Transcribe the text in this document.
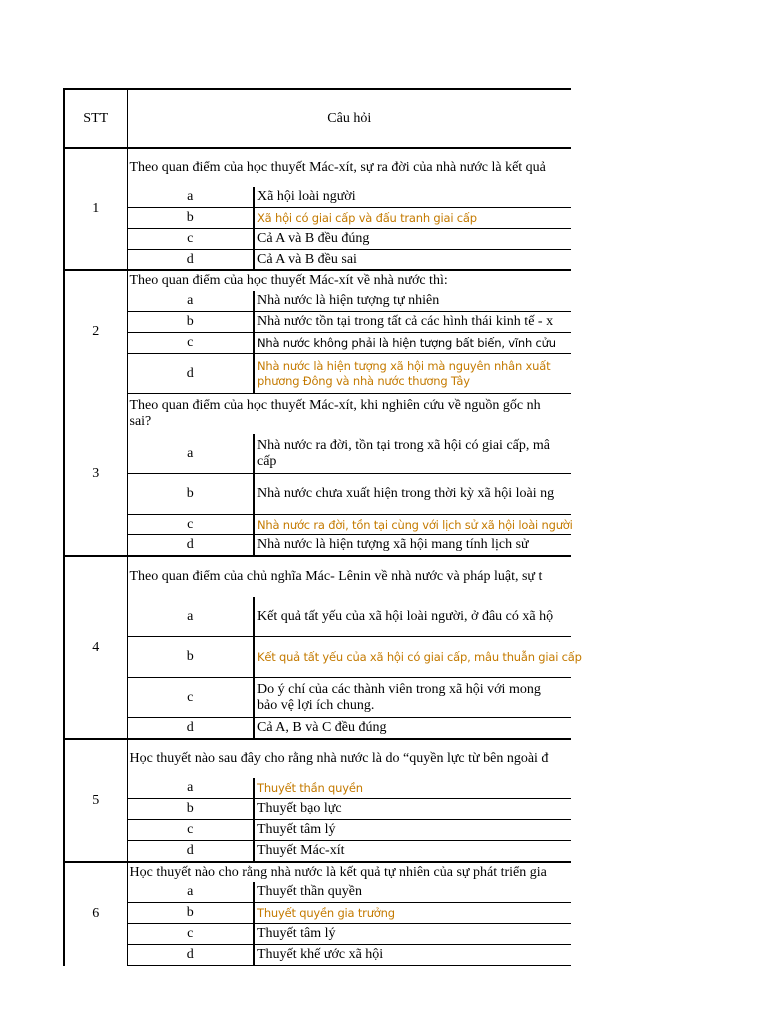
STT	Câu hỏi	
1	Theo quan điểm của học thuyết Mác-xít, sự ra đời của nhà nước là kết quả	
	a	Xã hội loài người
	b	Xã hội có giai cấp và đấu tranh giai cấp
	c	Cả A và B đều đúng
	d	Cả A và B đều sai
2	Theo quan điểm của học thuyết Mác-xít về nhà nước thì:	
	a	Nhà nước là hiện tượng tự nhiên
	b	Nhà nước tồn tại trong tất cả các hình thái kinh tế - x
	c	Nhà nước không phải là hiện tượng bất biến, vĩnh cửu
	d	Nhà nước là hiện tượng xã hội mà nguyên nhân xuất
phương Đông và nhà nước thương Tây
3	Theo quan điểm của học thuyết Mác-xít, khi nghiên cứu về nguồn gốc nh
sai?	
	a	Nhà nước ra đời, tồn tại trong xã hội có giai cấp, mâ
cấp
	b	Nhà nước chưa xuất hiện trong thời kỳ xã hội loài ng
	c	Nhà nước ra đời, tồn tại cùng với lịch sử xã hội loài người
	d	Nhà nước là hiện tượng xã hội mang tính lịch sử
4	Theo quan điểm của chủ nghĩa Mác- Lênin về nhà nước và pháp luật, sự t	
	a	Kết quả tất yếu của xã hội loài người, ở đâu có xã hộ
	b	Kết quả tất yếu của xã hội có giai cấp, mâu thuẫn giai cấp
	c	Do ý chí của các thành viên trong xã hội với mong
bảo vệ lợi ích chung.
	d	Cả A, B và C đều đúng
5	Học thuyết nào sau đây cho rằng nhà nước là do “quyền lực từ bên ngoài đ	
	a	Thuyết thần quyền
	b	Thuyết bạo lực
	c	Thuyết tâm lý
	d	Thuyết Mác-xít
6	Học thuyết nào cho rằng nhà nước là kết quả tự nhiên của sự phát triển gia	
	a	Thuyết thần quyền
	b	Thuyết quyền gia trưởng
	c	Thuyết tâm lý
	d	Thuyết khế ước xã hội
